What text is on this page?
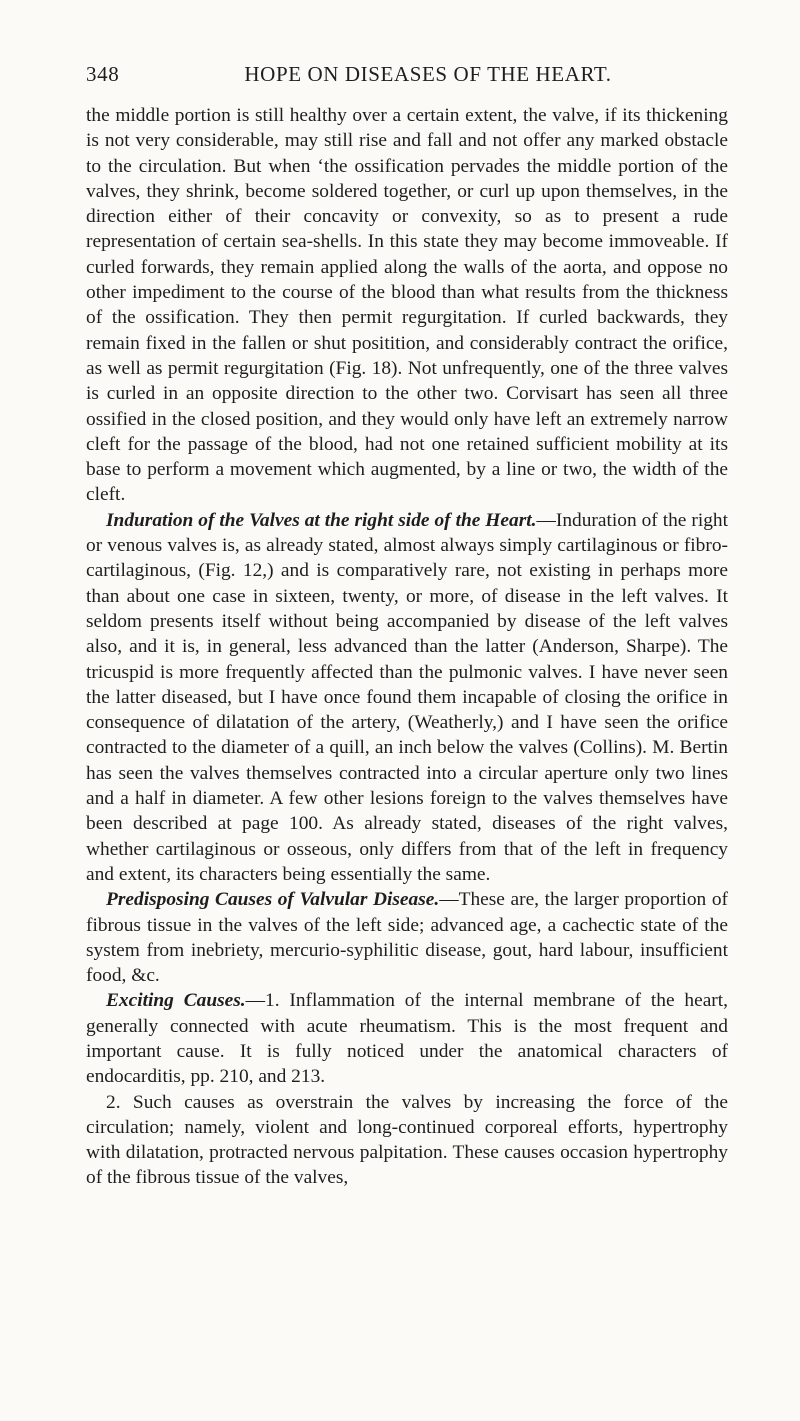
348	HOPE ON DISEASES OF THE HEART.

the middle portion is still healthy over a certain extent, the valve, if its thickening is not very considerable, may still rise and fall and not offer any marked obstacle to the circulation. But when ‘the ossification pervades the middle portion of the valves, they shrink, become soldered together, or curl up upon themselves, in the direction either of their concavity or convexity, so as to present a rude representation of certain sea-shells. In this state they may become immoveable. If curled forwards, they remain applied along the walls of the aorta, and oppose no other impediment to the course of the blood than what results from the thickness of the ossification. They then permit regurgitation. If curled backwards, they remain fixed in the fallen or shut positition, and considerably contract the orifice, as well as permit regurgitation (Fig. 18). Not unfrequently, one of the three valves is curled in an opposite direction to the other two. Corvisart has seen all three ossified in the closed position, and they would only have left an extremely narrow cleft for the passage of the blood, had not one retained sufficient mobility at its base to perform a movement which augmented, by a line or two, the width of the cleft.

Induration of the Valves at the right side of the Heart.—Induration of the right or venous valves is, as already stated, almost always simply cartilaginous or fibro-cartilaginous, (Fig. 12,) and is comparatively rare, not existing in perhaps more than about one case in sixteen, twenty, or more, of disease in the left valves. It seldom presents itself without being accompanied by disease of the left valves also, and it is, in general, less advanced than the latter (Anderson, Sharpe). The tricuspid is more frequently affected than the pulmonic valves. I have never seen the latter diseased, but I have once found them incapable of closing the orifice in consequence of dilatation of the artery, (Weatherly,) and I have seen the orifice contracted to the diameter of a quill, an inch below the valves (Collins). M. Bertin has seen the valves themselves contracted into a circular aperture only two lines and a half in diameter. A few other lesions foreign to the valves themselves have been described at page 100. As already stated, diseases of the right valves, whether cartilaginous or osseous, only differs from that of the left in frequency and extent, its characters being essentially the same.

Predisposing Causes of Valvular Disease.—These are, the larger proportion of fibrous tissue in the valves of the left side; advanced age, a cachectic state of the system from inebriety, mercurio-syphilitic disease, gout, hard labour, insufficient food, &c.

Exciting Causes.—1. Inflammation of the internal membrane of the heart, generally connected with acute rheumatism. This is the most frequent and important cause. It is fully noticed under the anatomical characters of endocarditis, pp. 210, and 213.

2. Such causes as overstrain the valves by increasing the force of the circulation; namely, violent and long-continued corporeal efforts, hypertrophy with dilatation, protracted nervous palpitation. These causes occasion hypertrophy of the fibrous tissue of the valves,
